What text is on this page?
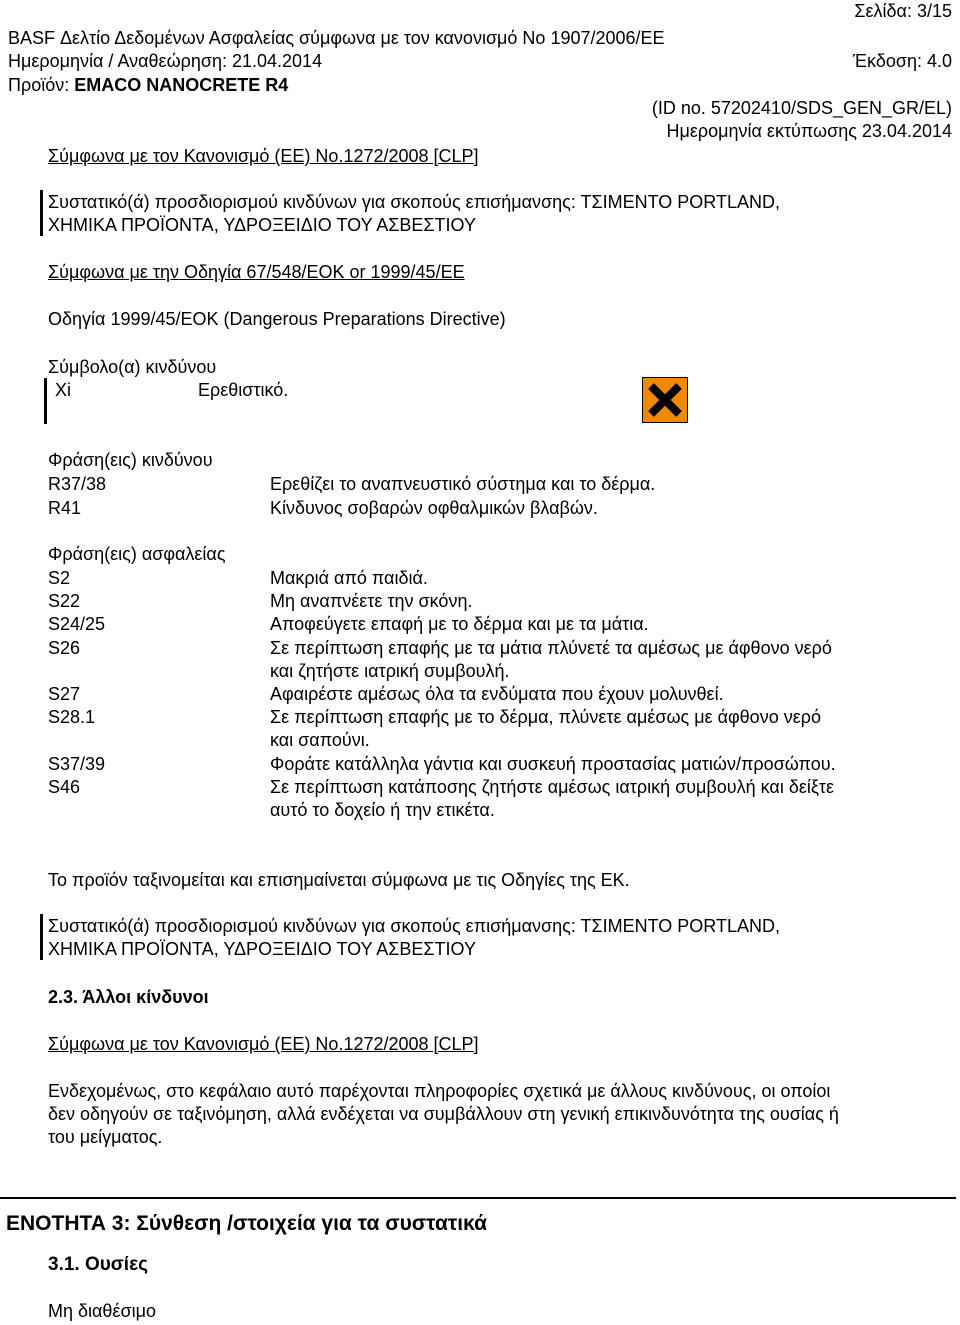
Σελίδα: 3/15
BASF Δελτίο Δεδομένων Ασφαλείας σύμφωνα με τον κανονισμό No 1907/2006/EE
Ημερομηνία / Αναθεώρηση: 21.04.2014	Έκδοση: 4.0
Προϊόν: EMACO NANOCRETE R4
(ID no. 57202410/SDS_GEN_GR/EL)
Ημερομηνία εκτύπωσης 23.04.2014
Σύμφωνα με τον Κανονισμό (ΕΕ) No.1272/2008 [CLP]
Συστατικό(ά) προσδιορισμού κινδύνων για σκοπούς επισήμανσης: ΤΣΙΜΕΝΤΟ PORTLAND,
ΧΗΜΙΚΑ ΠΡΟΪΟΝΤΑ, ΥΔΡΟΞΕΙΔΙΟ ΤΟΥ ΑΣΒΕΣΤΙΟΥ
Σύμφωνα με την Οδηγία 67/548/ΕΟΚ or 1999/45/ΕΕ
Οδηγία 1999/45/ΕΟΚ (Dangerous Preparations Directive)
Σύμβολο(α) κινδύνου
Xi	Ερεθιστικό.
Φράση(εις) κινδύνου
R37/38	Ερεθίζει το αναπνευστικό σύστημα και το δέρμα.
R41	Κίνδυνος σοβαρών οφθαλμικών βλαβών.
Φράση(εις) ασφαλείας
S2	Μακριά από παιδιά.
S22	Μη αναπνέετε την σκόνη.
S24/25	Αποφεύγετε επαφή με το δέρμα και με τα μάτια.
S26	Σε περίπτωση επαφής με τα μάτια πλύνετέ τα αμέσως με άφθονο νερό
και ζητήστε ιατρική συμβουλή.
S27	Αφαιρέστε αμέσως όλα τα ενδύματα που έχουν μολυνθεί.
S28.1	Σε περίπτωση επαφής με το δέρμα, πλύνετε αμέσως με άφθονο νερό
και σαπούνι.
S37/39	Φοράτε κατάλληλα γάντια και συσκευή προστασίας ματιών/προσώπου.
S46	Σε περίπτωση κατάποσης ζητήστε αμέσως ιατρική συμβουλή και δείξτε
αυτό το δοχείο ή την ετικέτα.
Το προϊόν ταξινομείται και επισημαίνεται σύμφωνα με τις Οδηγίες της ΕΚ.
Συστατικό(ά) προσδιορισμού κινδύνων για σκοπούς επισήμανσης: ΤΣΙΜΕΝΤΟ PORTLAND,
ΧΗΜΙΚΑ ΠΡΟΪΟΝΤΑ, ΥΔΡΟΞΕΙΔΙΟ ΤΟΥ ΑΣΒΕΣΤΙΟΥ
2.3. Άλλοι κίνδυνοι
Σύμφωνα με τον Κανονισμό (ΕΕ) No.1272/2008 [CLP]
Ενδεχομένως, στο κεφάλαιο αυτό παρέχονται πληροφορίες σχετικά με άλλους κινδύνους, οι οποίοι
δεν οδηγούν σε ταξινόμηση, αλλά ενδέχεται να συμβάλλουν στη γενική επικινδυνότητα της ουσίας ή
του μείγματος.
ΕΝΟΤΗΤΑ 3: Σύνθεση /στοιχεία για τα συστατικά
3.1. Ουσίες
Μη διαθέσιμο
